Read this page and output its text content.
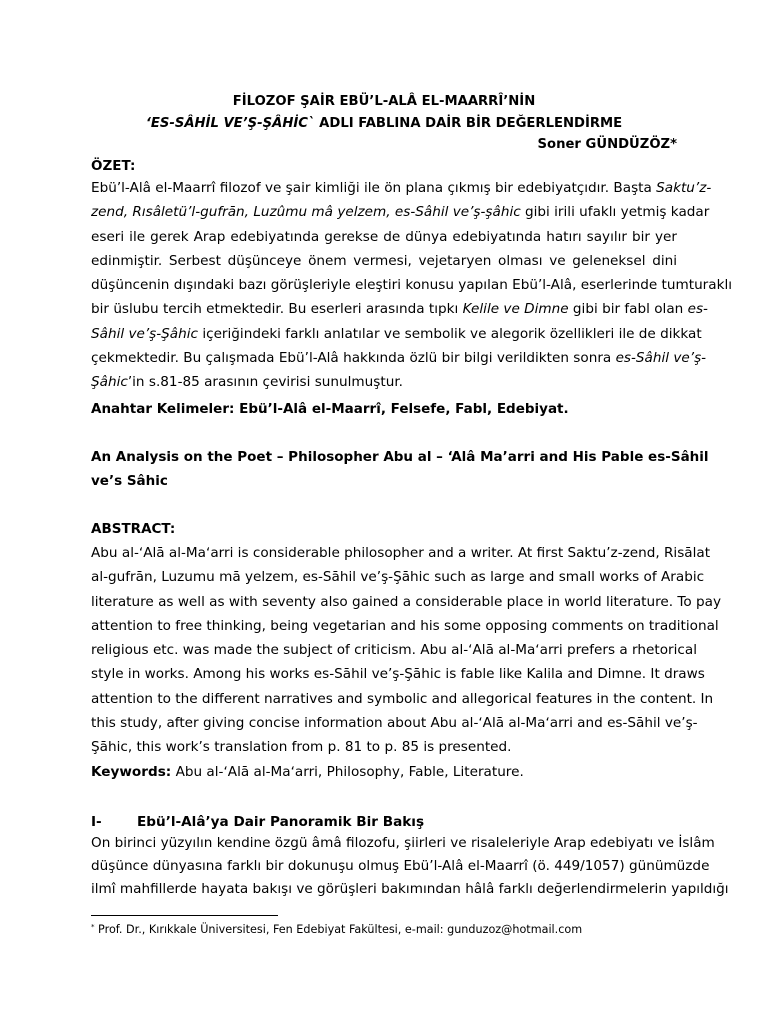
FİLOZOF ŞAİR EBÜ’L-ALÂ EL-MAARRÎ’NİN
‘ES-SÂHİL VE’Ş-ŞÂHİC` ADLI FABLINA DAİR BİR DEĞERLENDİRME
Soner GÜNDÜZÖZ*
ÖZET:
Ebü’l-Alâ el-Maarrî filozof ve şair kimliği ile ön plana çıkmış bir edebiyatçıdır. Başta Saktu’z-
zend, Rısâletü’l-gufrān, Luzûmu mâ yelzem, es-Sâhil ve’ş-şâhic gibi irili ufaklı yetmiş kadar
eseri ile gerek Arap edebiyatında gerekse de dünya edebiyatında hatırı sayılır bir yer
edinmiştir. Serbest düşünceye önem vermesi, vejetaryen olması ve geleneksel dini
düşüncenin dışındaki bazı görüşleriyle eleştiri konusu yapılan Ebü’l-Alâ, eserlerinde tumturaklı
bir üslubu tercih etmektedir. Bu eserleri arasında tıpkı Kelile ve Dimne gibi bir fabl olan es-
Sâhil ve’ş-Şâhic içeriğindeki farklı anlatılar ve sembolik ve alegorik özellikleri ile de dikkat
çekmektedir. Bu çalışmada Ebü’l-Alâ hakkında özlü bir bilgi verildikten sonra es-Sâhil ve’ş-
Şâhic’in s.81-85 arasının çevirisi sunulmuştur.
Anahtar Kelimeler: Ebü’l-Alâ el-Maarrî, Felsefe, Fabl, Edebiyat.
An Analysis on the Poet – Philosopher Abu al – ‘Alâ Ma’arri and His Pable es-Sâhil
ve’s Sâhic
ABSTRACT:
Abu al-ʻAlā al-Maʻarri is considerable philosopher and a writer. At first Saktu’z-zend, Risālat
al-gufrān, Luzumu mā yelzem, es-Sāhil ve’ş-Şāhic such as large and small works of Arabic
literature as well as with seventy also gained a considerable place in world literature. To pay
attention to free thinking, being vegetarian and his some opposing comments on traditional
religious etc. was made the subject of criticism. Abu al-ʻAlā al-Maʻarri prefers a rhetorical
style in works. Among his works es-Sāhil ve’ş-Şāhic is fable like Kalila and Dimne. It draws
attention to the different narratives and symbolic and allegorical features in the content. In
this study, after giving concise information about Abu al-ʻAlā al-Maʻarri and es-Sāhil ve’ş-
Şāhic, this work’s translation from p. 81 to p. 85 is presented.
Keywords: Abu al-ʻAlā al-Maʻarri, Philosophy, Fable, Literature.
I-	Ebü’l-Alâ’ya Dair Panoramik Bir Bakış
On birinci yüzyılın kendine özgü âmâ filozofu, şiirleri ve risaleleriyle Arap edebiyatı ve İslâm
düşünce dünyasına farklı bir dokunuşu olmuş Ebü’l-Alâ el-Maarrî (ö. 449/1057) günümüzde
ilmî mahfillerde hayata bakışı ve görüşleri bakımından hâlâ farklı değerlendirmelerin yapıldığı
* Prof. Dr., Kırıkkale Üniversitesi, Fen Edebiyat Fakültesi, e-mail: gunduzoz@hotmail.com
